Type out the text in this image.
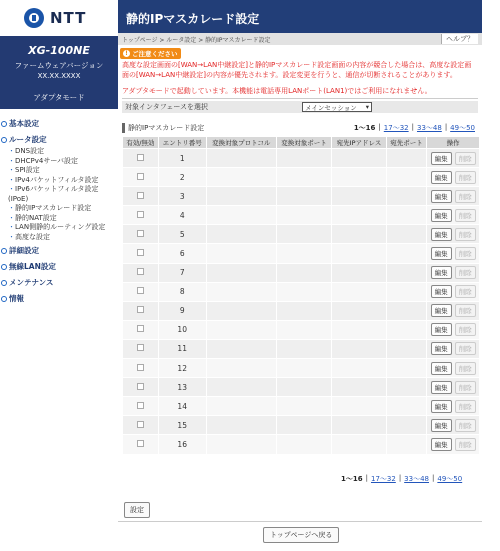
NTT
XG-100NE
ファームウェアバージョン
XX.XX.XXXX
アダプタモード
基本設定
ルータ設定
・DNS設定
・DHCPv4サーバ設定
・SPI設定
・IPv4パケットフィルタ設定
・IPv6パケットフィルタ設定(IPoE)
・静的IPマスカレード設定
・静的NAT設定
・LAN側静的ルーティング設定
・高度な設定
詳細設定
無線LAN設定
メンテナンス
情報
静的IPマスカレード設定
トップページ > ルータ設定 > 静的IPマスカレード設定	ヘルプ？
! ご注意ください
高度な設定画面の[WAN→LAN中継設定]と静的IPマスカレード設定画面の内容が競合した場合は、高度な設定画面の[WAN→LAN中継設定]の内容が優先されます。設定変更を行うと、通信が切断されることがあります。
アダプタモードで起動しています。本機能は電話専用LANポート(LAN1)ではご利用になれません。
対象インタフェースを選択	メインセッション ▾
静的IPマスカレード設定	1〜16 | 17〜32 | 33〜48 | 49〜50
有効/無効	エントリ番号	変換対象プロトコル	変換対象ポート	宛先IPアドレス	宛先ポート	操作
	1					編集 削除

	2					編集 削除

	3					編集 削除

	4					編集 削除

	5					編集 削除

	6					編集 削除

	7					編集 削除

	8					編集 削除

	9					編集 削除

	10					編集 削除

	11					編集 削除

	12					編集 削除

	13					編集 削除

	14					編集 削除

	15					編集 削除

	16					編集 削除
1〜16 | 17〜32 | 33〜48 | 49〜50
設定
トップページへ戻る
